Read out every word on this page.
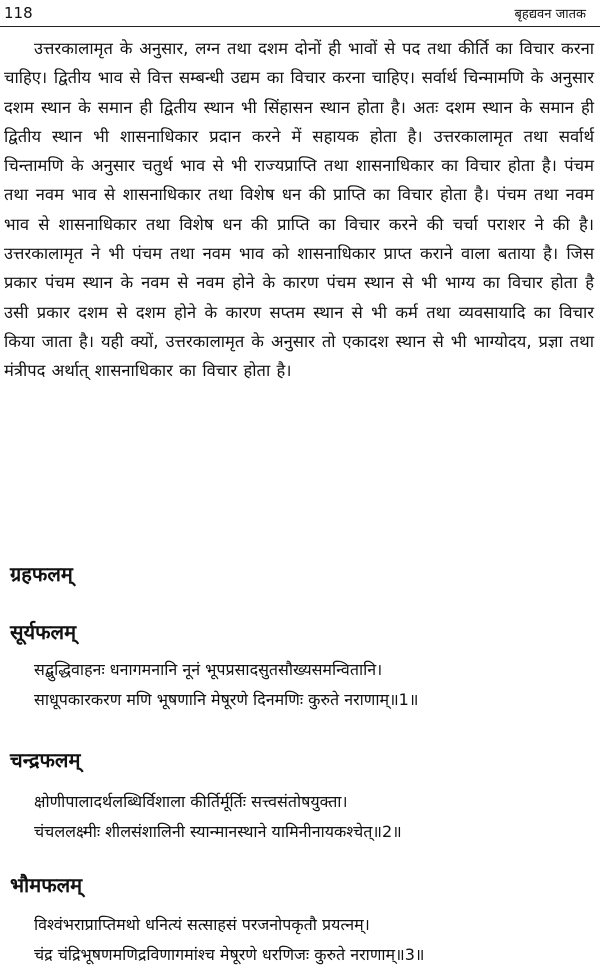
118	बृहद्यवन जातक

उत्तरकालामृत के अनुसार, लग्न तथा दशम दोनों ही भावों से पद तथा कीर्ति का विचार करना चाहिए। द्वितीय भाव से वित्त सम्बन्धी उद्यम का विचार करना चाहिए। सर्वार्थ चिन्मामणि के अनुसार दशम स्थान के समान ही द्वितीय स्थान भी सिंहासन स्थान होता है। अतः दशम स्थान के समान ही द्वितीय स्थान भी शासनाधिकार प्रदान करने में सहायक होता है। उत्तरकालामृत तथा सर्वार्थ चिन्तामणि के अनुसार चतुर्थ भाव से भी राज्यप्राप्ति तथा शासनाधिकार का विचार होता है। पंचम तथा नवम भाव से शासनाधिकार तथा विशेष धन की प्राप्ति का विचार होता है। पंचम तथा नवम भाव से शासनाधिकार तथा विशेष धन की प्राप्ति का विचार करने की चर्चा पराशर ने की है। उत्तरकालामृत ने भी पंचम तथा नवम भाव को शासनाधिकार प्राप्त कराने वाला बताया है। जिस प्रकार पंचम स्थान के नवम से नवम होने के कारण पंचम स्थान से भी भाग्य का विचार होता है उसी प्रकार दशम से दशम होने के कारण सप्तम स्थान से भी कर्म तथा व्यवसायादि का विचार किया जाता है। यही क्यों, उत्तरकालामृत के अनुसार तो एकादश स्थान से भी भाग्योदय, प्रज्ञा तथा मंत्रीपद अर्थात् शासनाधिकार का विचार होता है।

ग्रहफलम्
सूर्यफलम्
सद्बुद्धिवाहनः धनागमनानि नूनं भूपप्रसादसुतसौख्यसमन्वितानि।
साधूपकारकरण मणि भूषणानि मेषूरणे दिनमणिः कुरुते नराणाम्॥1॥
चन्द्रफलम्
क्षोणीपालादर्थलब्धिर्विशाला कीर्तिर्मूर्तिः सत्त्वसंतोषयुक्ता।
चंचललक्ष्मीः शीलसंशालिनी स्यान्मानस्थाने यामिनीनायकश्चेत्॥2॥
भौमफलम्
विश्वंभराप्राप्तिमथो धनित्यं सत्साहसं परजनोपकृतौ प्रयत्नम्।
चंद्र चंद्रिभूषणमणिद्रविणागमांश्च मेषूरणे धरणिजः कुरुते नराणाम्॥3॥
